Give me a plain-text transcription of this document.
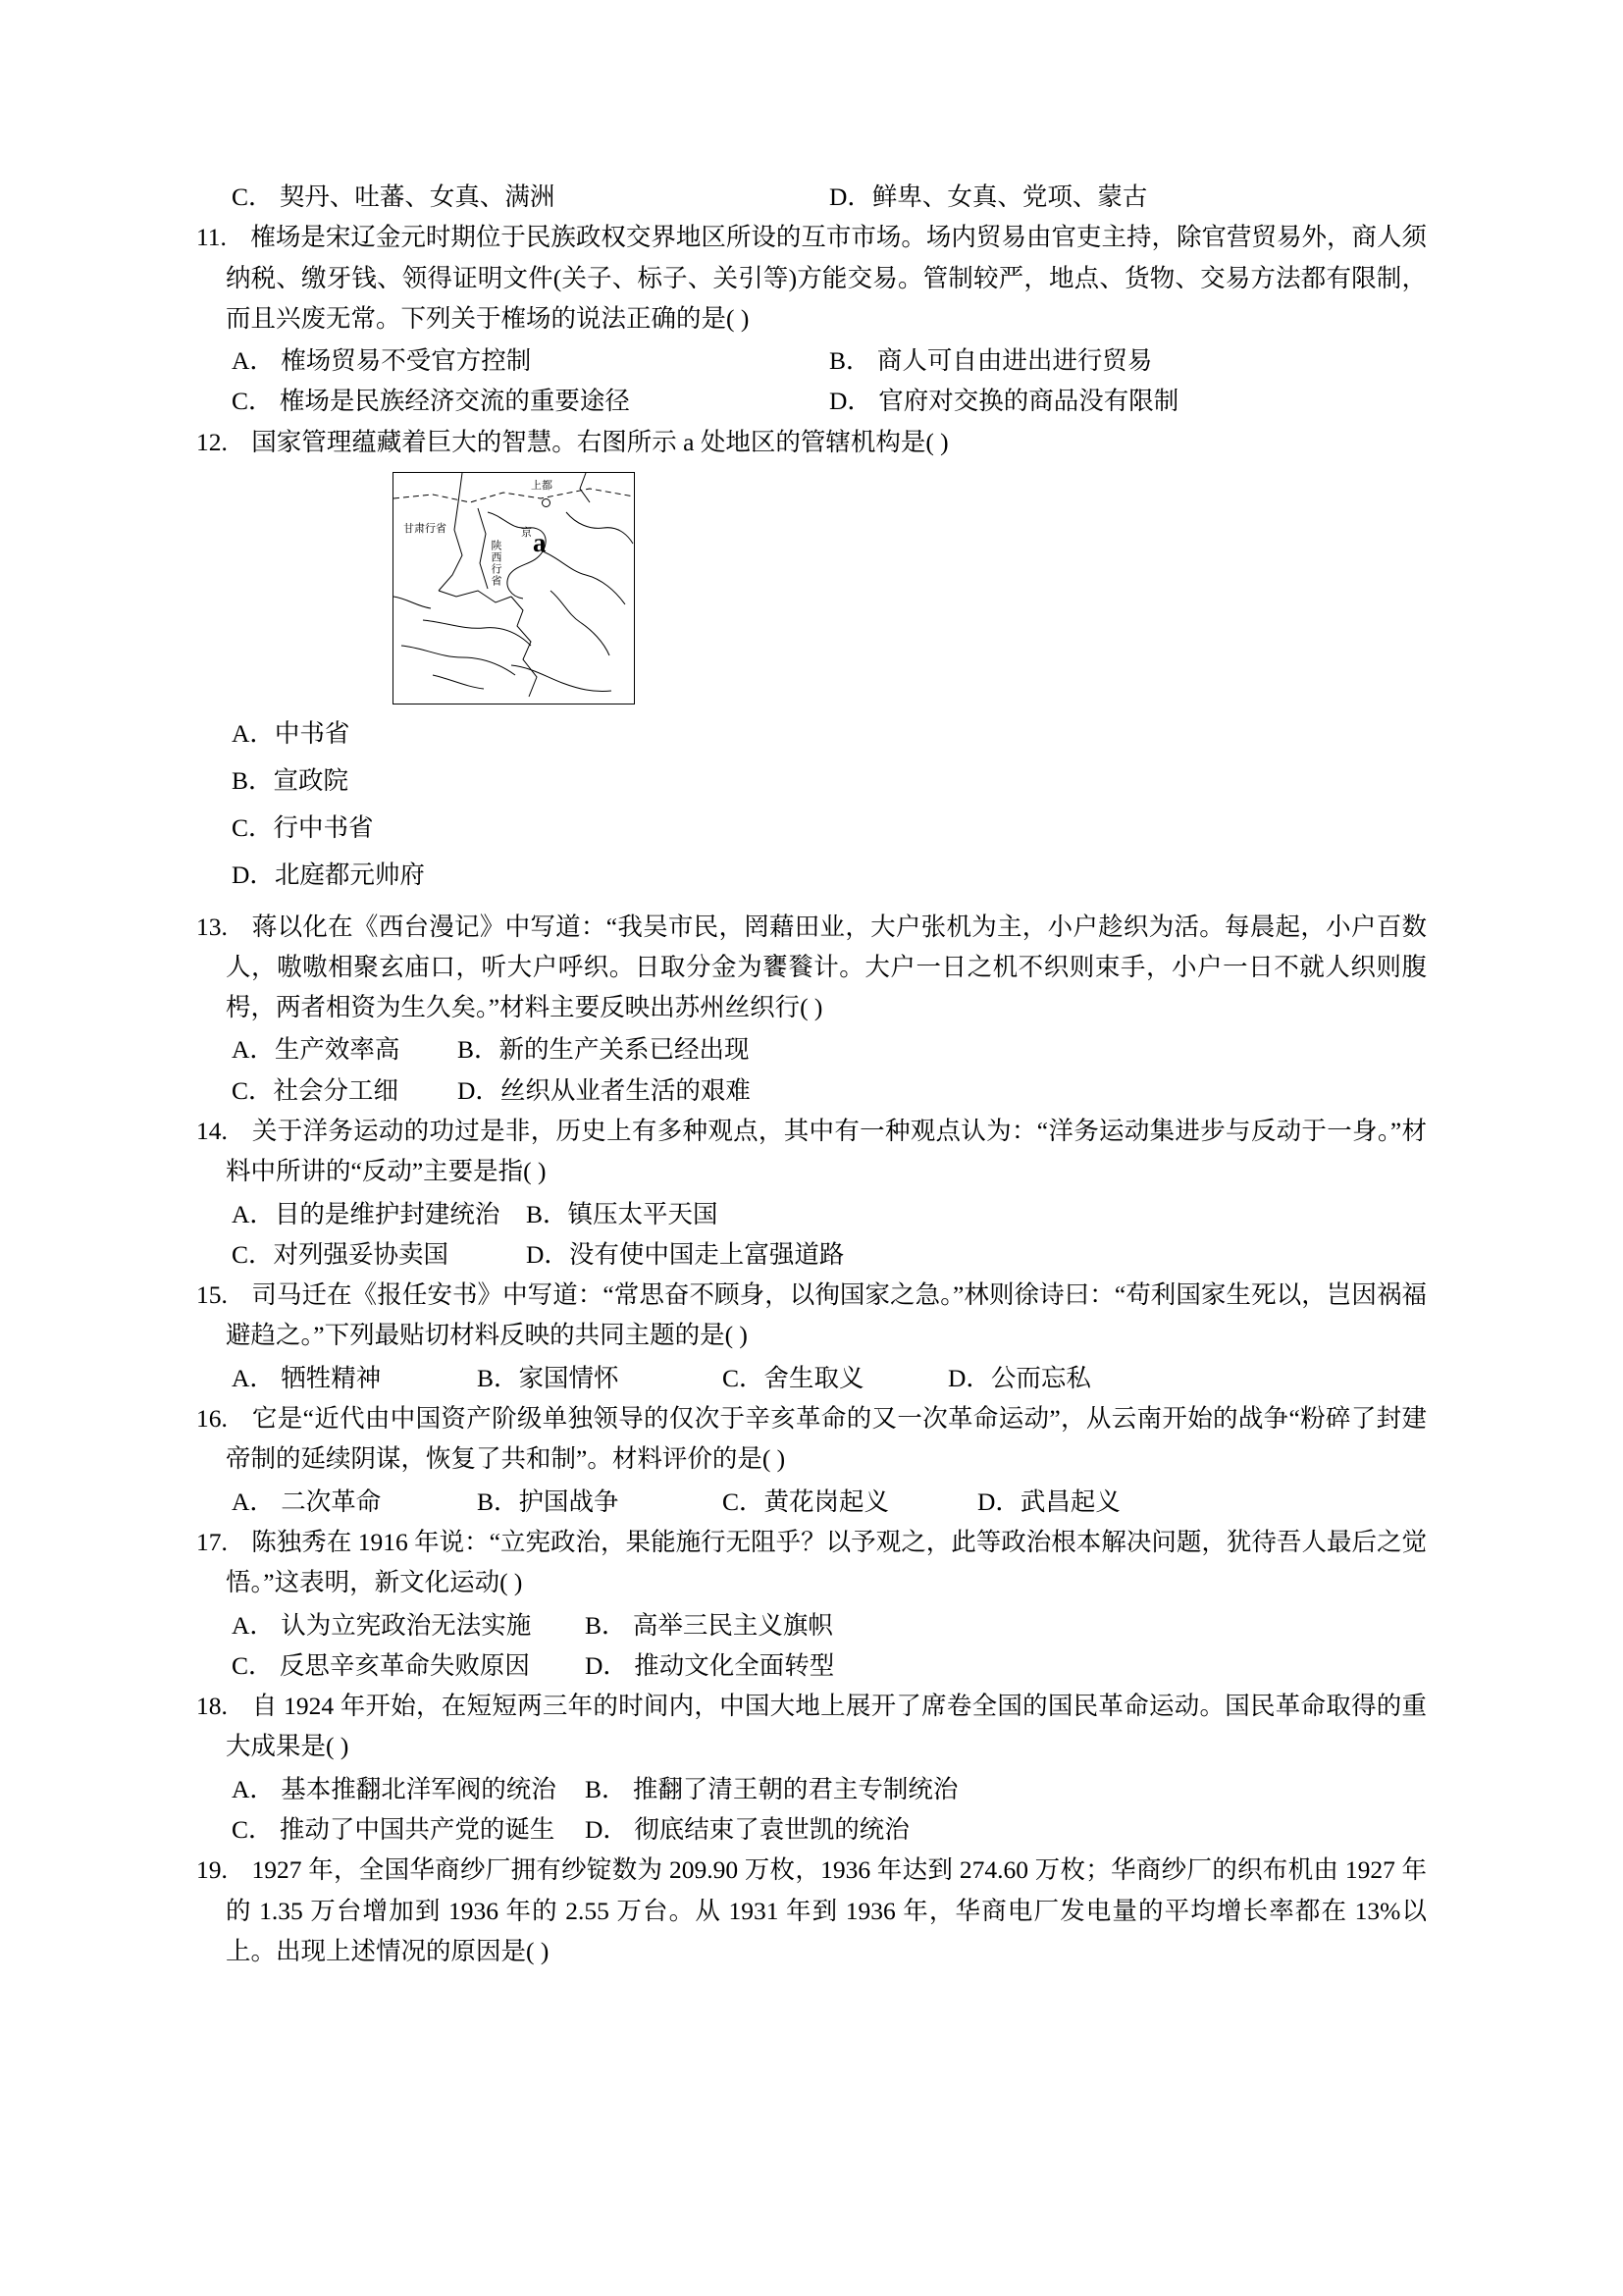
C． 契丹、吐蕃、女真、满洲	D．鲜卑、女真、党项、蒙古
11. 榷场是宋辽金元时期位于民族政权交界地区所设的互市市场。场内贸易由官吏主持，除官营贸易外，商人须纳税、缴牙钱、领得证明文件(关子、标子、关引等)方能交易。管制较严，地点、货物、交易方法都有限制，而且兴废无常。下列关于榷场的说法正确的是( )
A． 榷场贸易不受官方控制	B． 商人可自由进出进行贸易
C． 榷场是民族经济交流的重要途径	D． 官府对交换的商品没有限制
12. 国家管理蕴藏着巨大的智慧。右图所示 a 处地区的管辖机构是( )
上都
甘肃行省
陕西行省
京 a
A．中书省
B．宣政院
C．行中书省
D．北庭都元帅府
13. 蒋以化在《西台漫记》中写道：“我吴市民，罔藉田业，大户张机为主，小户趁织为活。每晨起，小户百数人，嗷嗷相聚玄庙口，听大户呼织。日取分金为饔餮计。大户一日之机不织则束手，小户一日不就人织则腹枵，两者相资为生久矣。”材料主要反映出苏州丝织行( )
A．生产效率高	B．新的生产关系已经出现
C．社会分工细	D．丝织从业者生活的艰难
14. 关于洋务运动的功过是非，历史上有多种观点，其中有一种观点认为：“洋务运动集进步与反动于一身。”材料中所讲的“反动”主要是指( )
A．目的是维护封建统治	B．镇压太平天国
C．对列强妥协卖国	D．没有使中国走上富强道路
15. 司马迁在《报任安书》中写道：“常思奋不顾身，以徇国家之急。”林则徐诗曰：“苟利国家生死以，岂因祸福避趋之。”下列最贴切材料反映的共同主题的是( )
A． 牺牲精神	B．家国情怀	C．舍生取义	D．公而忘私
16. 它是“近代由中国资产阶级单独领导的仅次于辛亥革命的又一次革命运动”，从云南开始的战争“粉碎了封建帝制的延续阴谋，恢复了共和制”。材料评价的是( )
A． 二次革命	B．护国战争	C．黄花岗起义	D．武昌起义
17. 陈独秀在 1916 年说：“立宪政治，果能施行无阻乎？以予观之，此等政治根本解决问题，犹待吾人最后之觉悟。”这表明，新文化运动( )
A． 认为立宪政治无法实施	B． 高举三民主义旗帜
C． 反思辛亥革命失败原因	D． 推动文化全面转型
18. 自 1924 年开始，在短短两三年的时间内，中国大地上展开了席卷全国的国民革命运动。国民革命取得的重大成果是( )
A． 基本推翻北洋军阀的统治	B． 推翻了清王朝的君主专制统治
C． 推动了中国共产党的诞生	D． 彻底结束了袁世凯的统治
19. 1927 年，全国华商纱厂拥有纱锭数为 209.90 万枚，1936 年达到 274.60 万枚；华商纱厂的织布机由 1927 年的 1.35 万台增加到 1936 年的 2.55 万台。从 1931 年到 1936 年，华商电厂发电量的平均增长率都在 13%以上。出现上述情况的原因是( )
